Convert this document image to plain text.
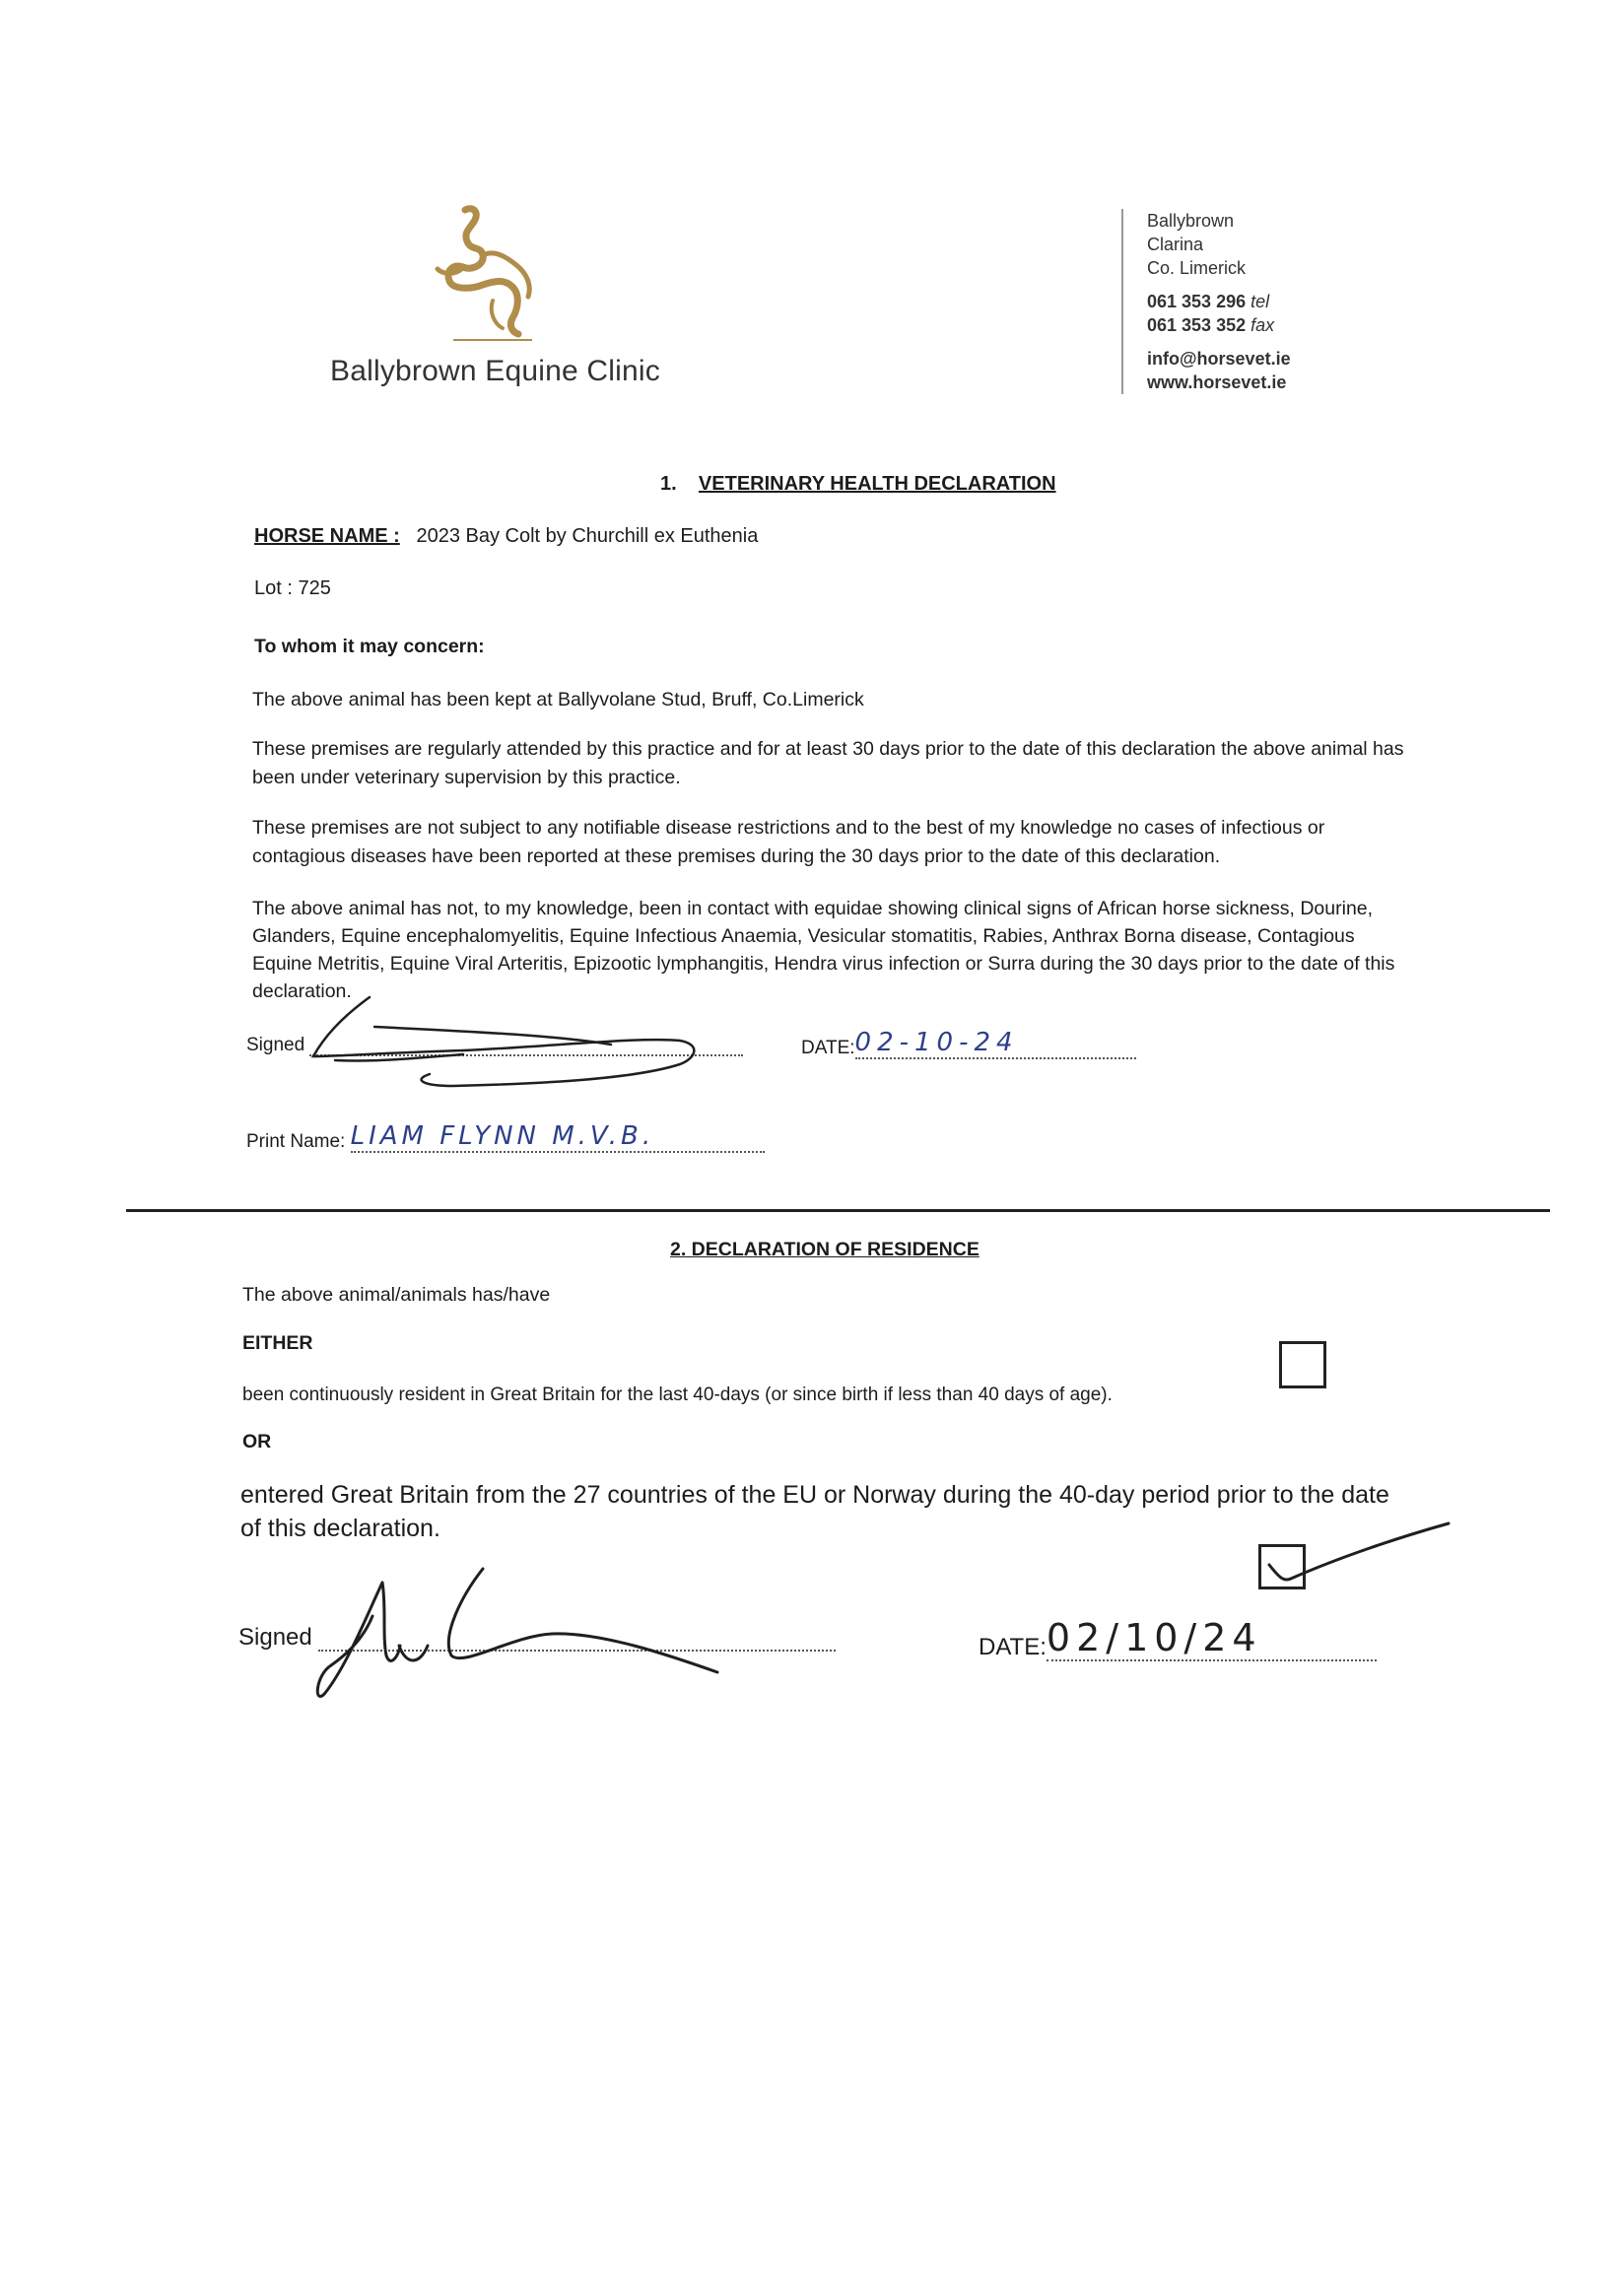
Ballybrown Equine Clinic
Ballybrown
Clarina
Co. Limerick
061 353 296 tel
061 353 352 fax
info@horsevet.ie
www.horsevet.ie
1. VETERINARY HEALTH DECLARATION
HORSE NAME : 2023 Bay Colt by Churchill ex Euthenia
Lot : 725
To whom it may concern:
The above animal has been kept at Ballyvolane Stud, Bruff, Co.Limerick
These premises are regularly attended by this practice and for at least 30 days prior to the date of this declaration the above animal has been under veterinary supervision by this practice.
These premises are not subject to any notifiable disease restrictions and to the best of my knowledge no cases of infectious or contagious diseases have been reported at these premises during the 30 days prior to the date of this declaration.
The above animal has not, to my knowledge, been in contact with equidae showing clinical signs of African horse sickness, Dourine, Glanders, Equine encephalomyelitis, Equine Infectious Anaemia, Vesicular stomatitis, Rabies, Anthrax Borna disease, Contagious Equine Metritis, Equine Viral Arteritis, Epizootic lymphangitis, Hendra virus infection or Surra during the 30 days prior to the date of this declaration.
Signed	DATE:02-10-24
Print Name: LIAM FLYNN M.V.B.
2. DECLARATION OF RESIDENCE
The above animal/animals has/have
EITHER
been continuously resident in Great Britain for the last 40-days (or since birth if less than 40 days of age).
OR
entered Great Britain from the 27 countries of the EU or Norway during the 40-day period prior to the date of this declaration.
Signed	DATE:02/10/24
